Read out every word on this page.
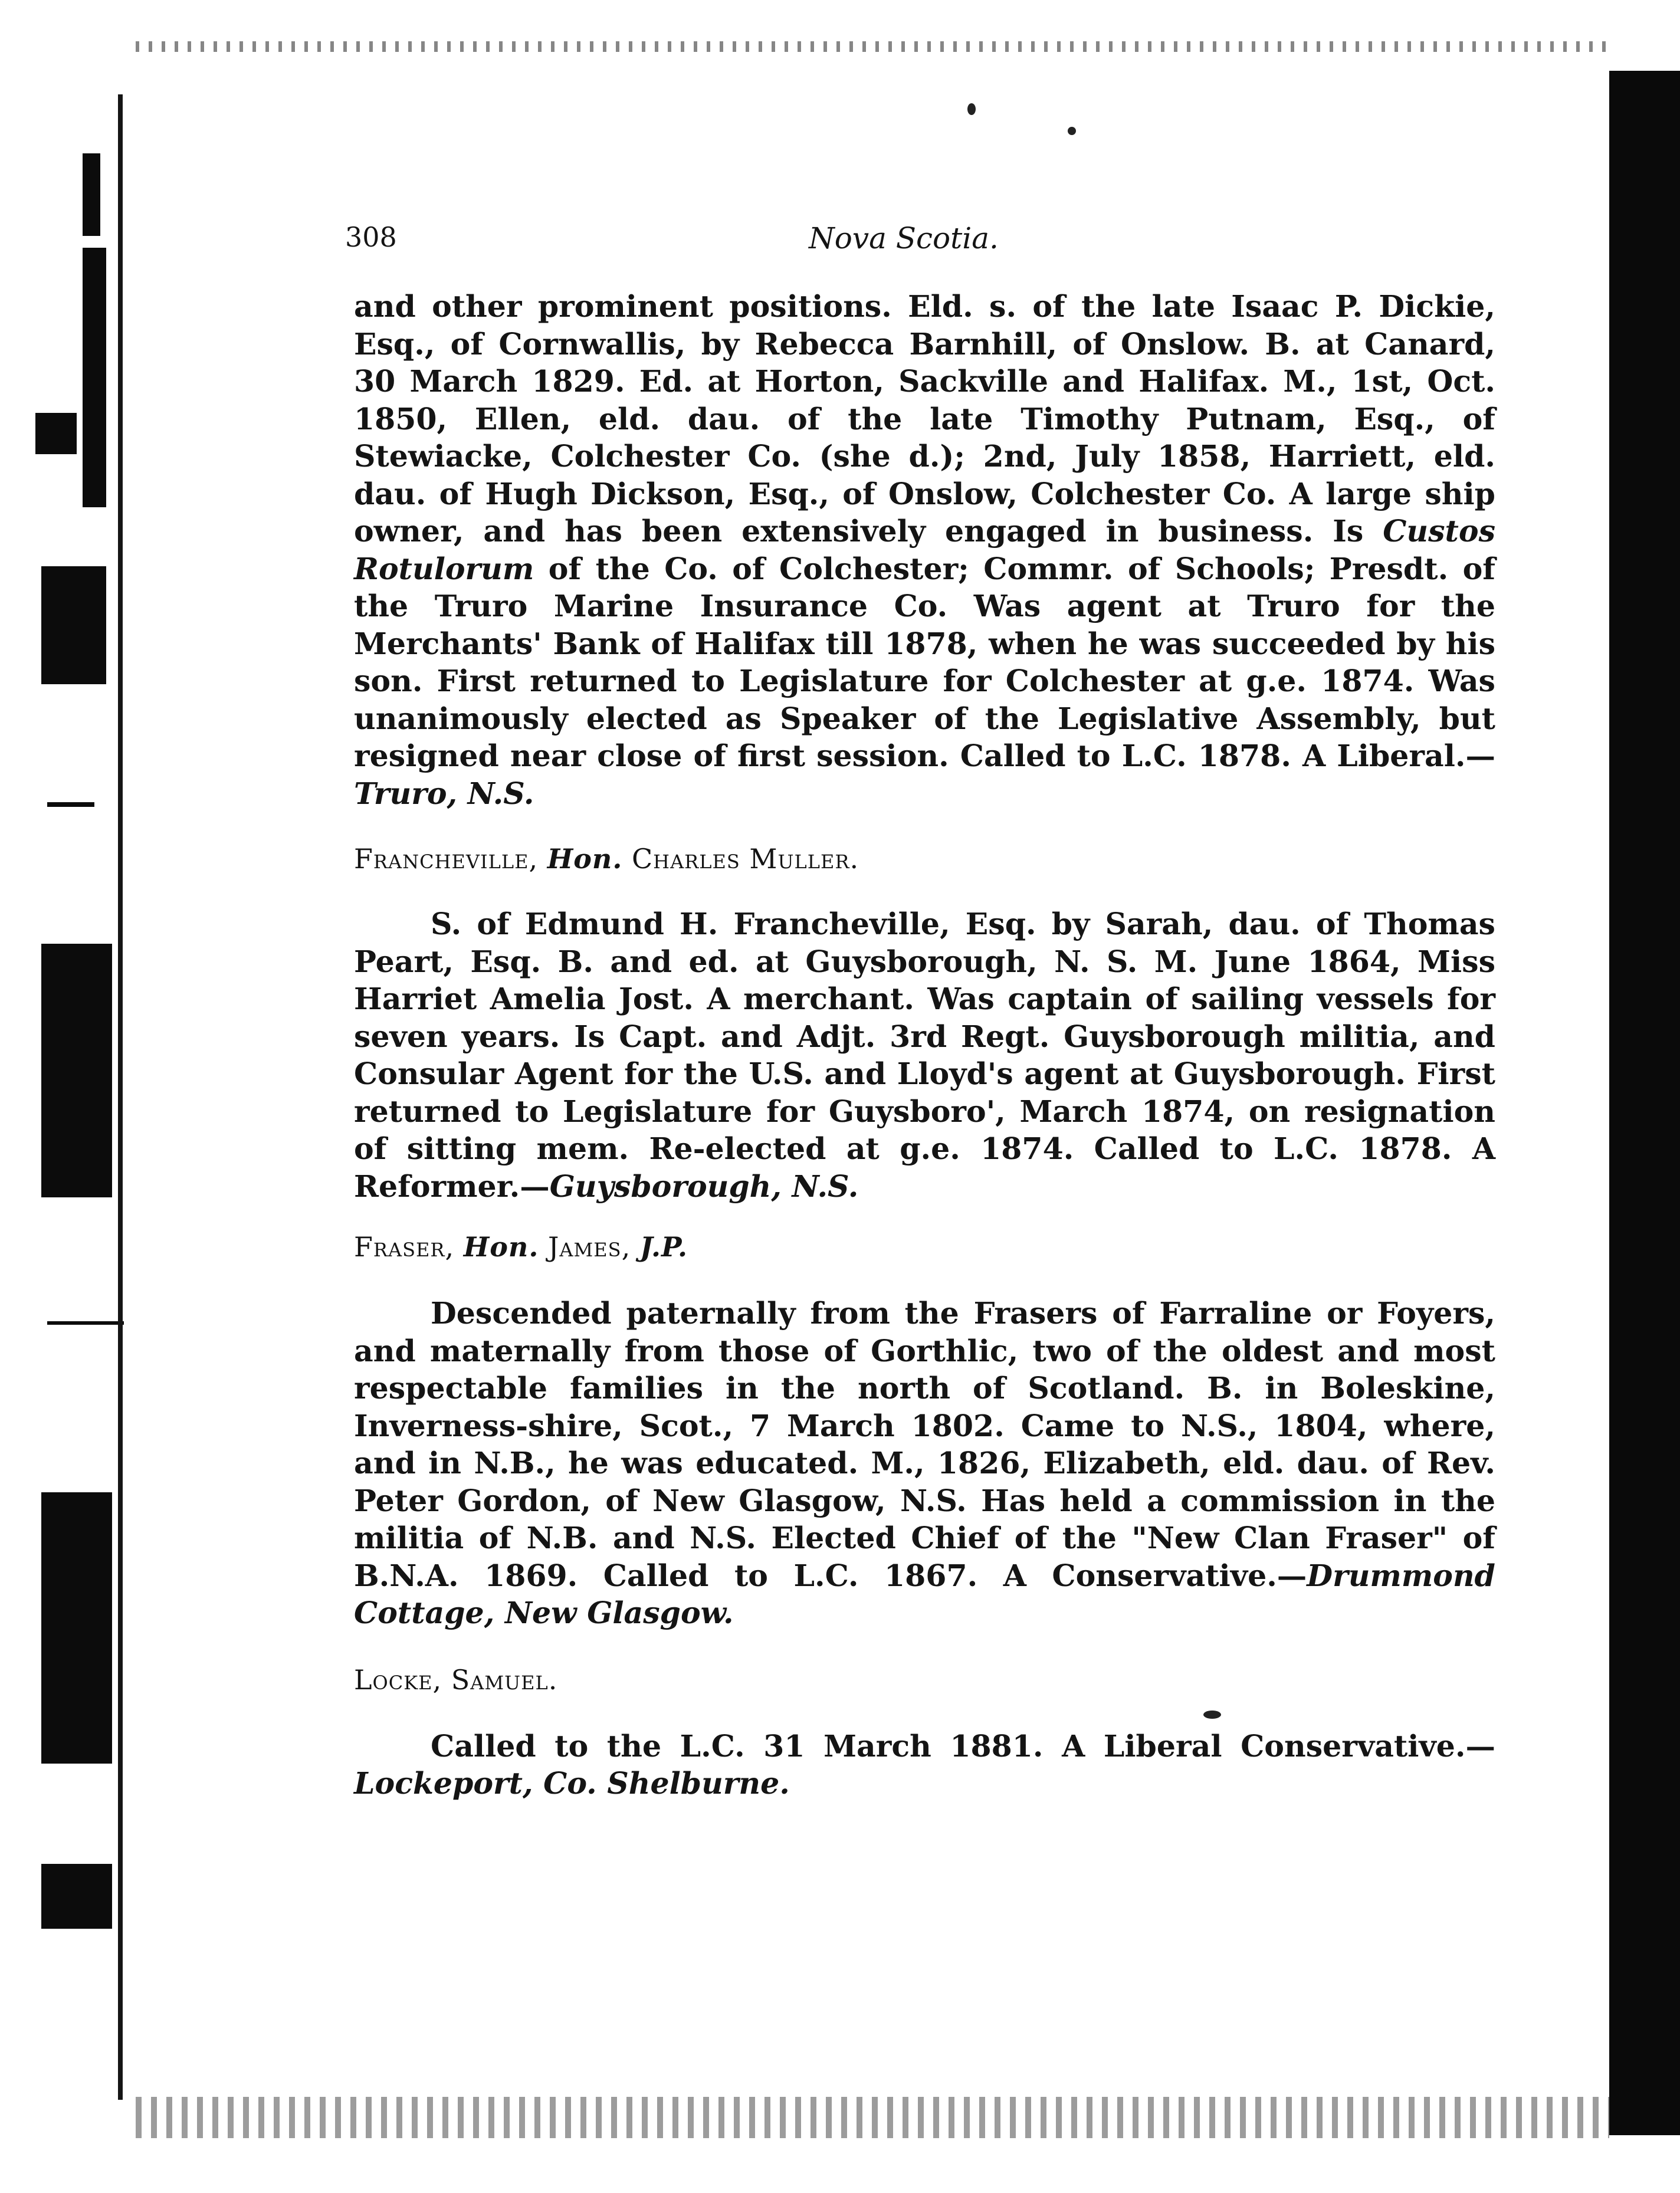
308	Nova Scotia.

and other prominent positions. Eld. s. of the late Isaac P. Dickie, Esq., of Cornwallis, by Rebecca Barnhill, of Onslow. B. at Canard, 30 March 1829. Ed. at Horton, Sackville and Halifax. M., 1st, Oct. 1850, Ellen, eld. dau. of the late Timothy Putnam, Esq., of Stewiacke, Colchester Co. (she d.); 2nd, July 1858, Harriett, eld. dau. of Hugh Dickson, Esq., of Onslow, Colchester Co. A large ship owner, and has been extensively engaged in business. Is Custos Rotulorum of the Co. of Colchester; Commr. of Schools; Presdt. of the Truro Marine Insurance Co. Was agent at Truro for the Merchants' Bank of Halifax till 1878, when he was succeeded by his son. First returned to Legislature for Colchester at g.e. 1874. Was unanimously elected as Speaker of the Legislative Assembly, but resigned near close of first session. Called to L.C. 1878. A Liberal.—Truro, N.S.

Francheville, Hon. Charles Muller.

S. of Edmund H. Francheville, Esq. by Sarah, dau. of Thomas Peart, Esq. B. and ed. at Guysborough, N. S. M. June 1864, Miss Harriet Amelia Jost. A merchant. Was captain of sailing vessels for seven years. Is Capt. and Adjt. 3rd Regt. Guysborough militia, and Consular Agent for the U.S. and Lloyd's agent at Guysborough. First returned to Legislature for Guysboro', March 1874, on resignation of sitting mem. Re-elected at g.e. 1874. Called to L.C. 1878. A Reformer.—Guysborough, N.S.

Fraser, Hon. James, J.P.

Descended paternally from the Frasers of Farraline or Foyers, and maternally from those of Gorthlic, two of the oldest and most respectable families in the north of Scotland. B. in Boleskine, Inverness-shire, Scot., 7 March 1802. Came to N.S., 1804, where, and in N.B., he was educated. M., 1826, Elizabeth, eld. dau. of Rev. Peter Gordon, of New Glasgow, N.S. Has held a commission in the militia of N.B. and N.S. Elected Chief of the "New Clan Fraser" of B.N.A. 1869. Called to L.C. 1867. A Conservative.—Drummond Cottage, New Glasgow.

Locke, Samuel.

Called to the L.C. 31 March 1881. A Liberal Conservative.—Lockeport, Co. Shelburne.
